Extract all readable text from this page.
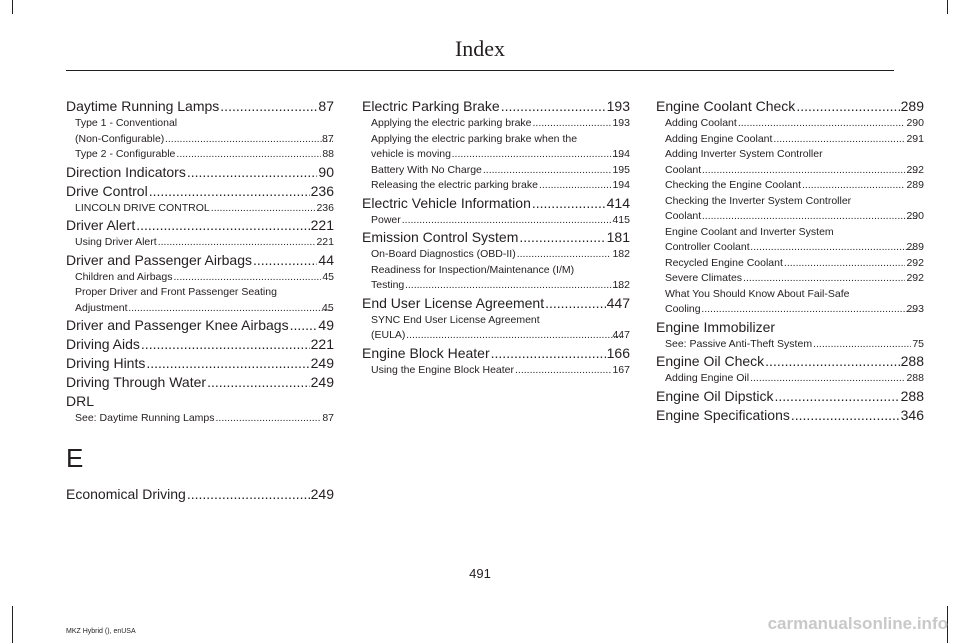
Index
Daytime Running Lamps .....	87
Type 1 - Conventional
(Non-Configurable) .....	87
Type 2 - Configurable .....	88
Direction Indicators .....	90
Drive Control .....	236
LINCOLN DRIVE CONTROL .....	236
Driver Alert .....	221
Using Driver Alert .....	221
Driver and Passenger Airbags .....	44
Children and Airbags .....	45
Proper Driver and Front Passenger Seating
Adjustment .....	45
Driver and Passenger Knee Airbags ..... 49
Driving Aids .....	221
Driving Hints .....	249
Driving Through Water .....	249
DRL
See: Daytime Running Lamps .....	87
E
Economical Driving .....	249
Electric Parking Brake .....	193
Applying the electric parking brake .....	193
Applying the electric parking brake when the
vehicle is moving .....	194
Battery With No Charge .....	195
Releasing the electric parking brake .....	194
Electric Vehicle Information .....	414
Power .....	415
Emission Control System .....	181
On-Board Diagnostics (OBD-II) .....	182
Readiness for Inspection/Maintenance (I/M)
Testing .....	182
End User License Agreement .....	447
SYNC End User License Agreement
(EULA) .....	447
Engine Block Heater .....	166
Using the Engine Block Heater .....	167
Engine Coolant Check .....	289
Adding Coolant .....	290
Adding Engine Coolant .....	291
Adding Inverter System Controller
Coolant .....	292
Checking the Engine Coolant .....	289
Checking the Inverter System Controller
Coolant .....	290
Engine Coolant and Inverter System
Controller Coolant .....	289
Recycled Engine Coolant .....	292
Severe Climates .....	292
What You Should Know About Fail-Safe
Cooling .....	293
Engine Immobilizer
See: Passive Anti-Theft System .....	75
Engine Oil Check .....	288
Adding Engine Oil .....	288
Engine Oil Dipstick .....	288
Engine Specifications .....	346
491
MKZ Hybrid (), enUSA	carmanualsonline.info
